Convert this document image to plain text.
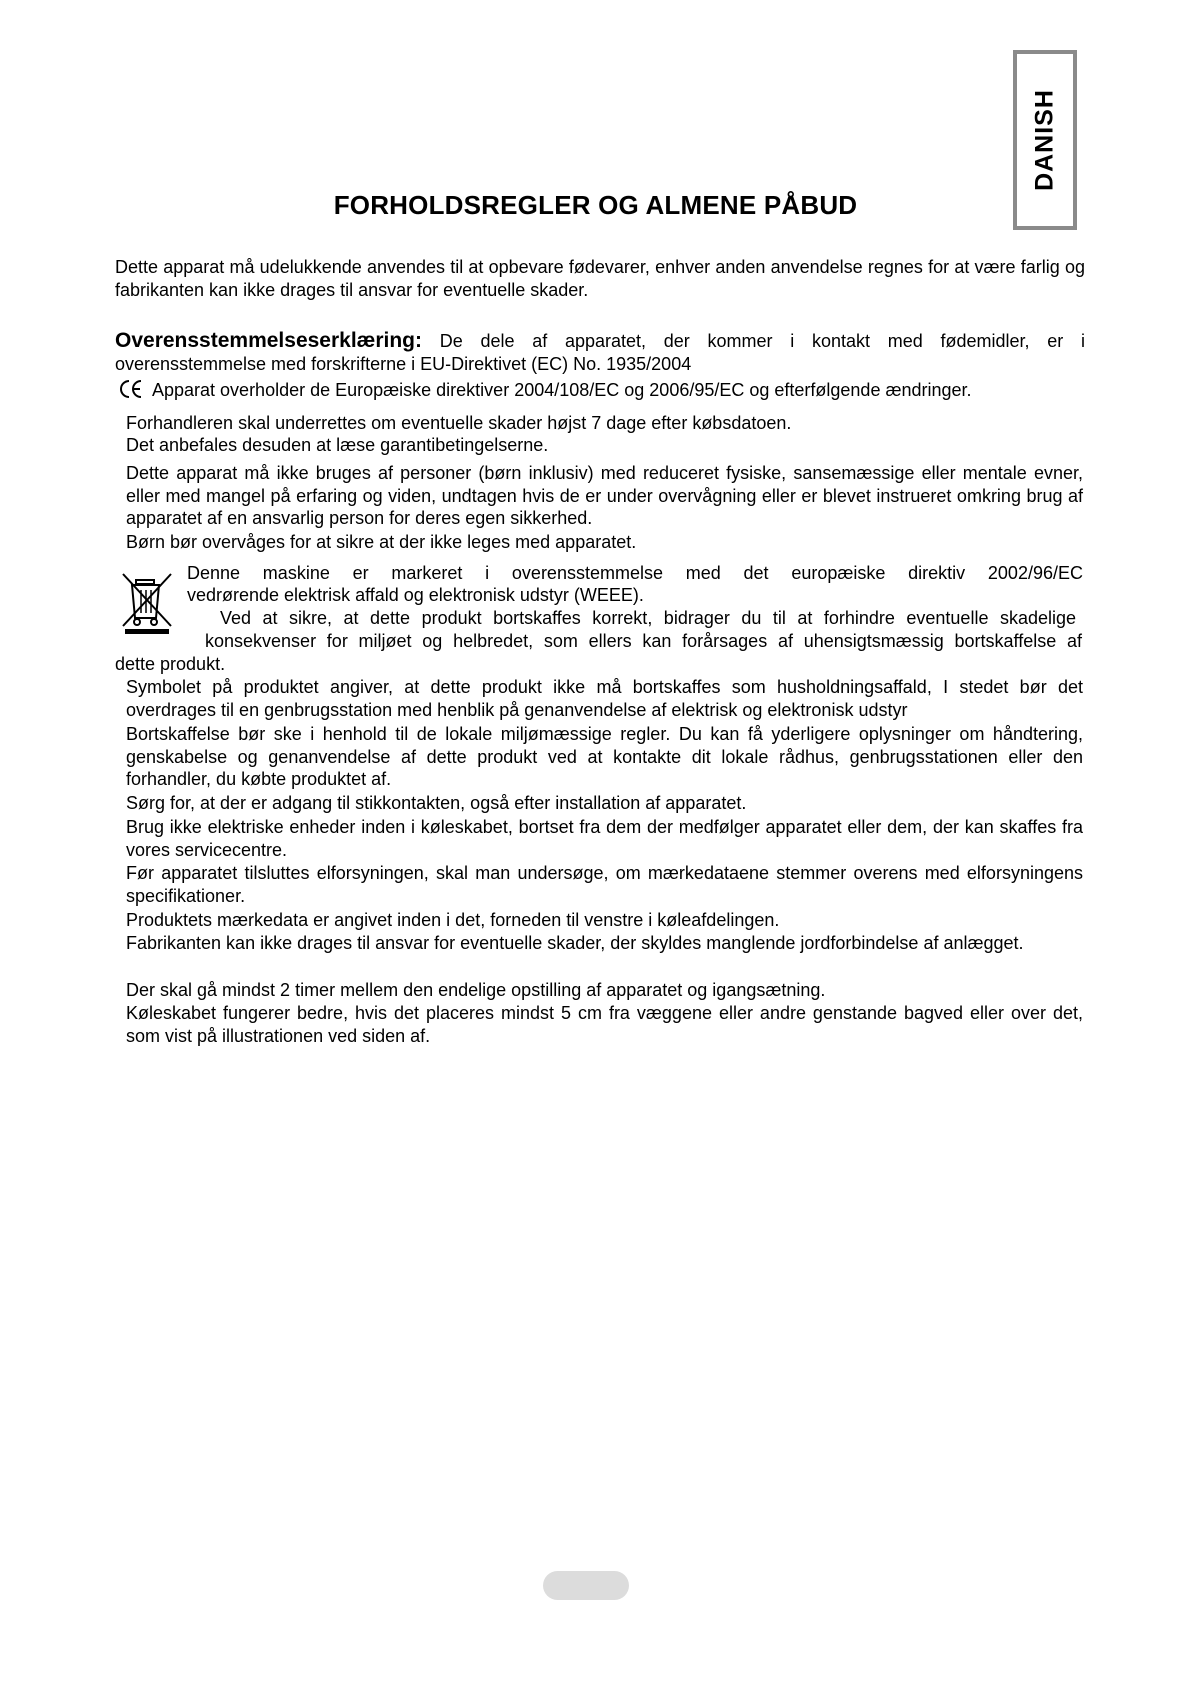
DANISH
FORHOLDSREGLER OG ALMENE PÅBUD

Dette apparat må udelukkende anvendes til at opbevare fødevarer, enhver anden anvendelse regnes for at være farlig og fabrikanten kan ikke drages til ansvar for eventuelle skader.

Overensstemmelseserklæring: De dele af apparatet, der kommer i kontakt med fødemidler, er i overensstemmelse med forskrifterne i EU-Direktivet (EC) No. 1935/2004

Apparat overholder de Europæiske direktiver 2004/108/EC og 2006/95/EC og efterfølgende ændringer.

Forhandleren skal underrettes om eventuelle skader højst 7 dage efter købsdatoen.

Det anbefales desuden at læse garantibetingelserne.

Dette apparat må ikke bruges af personer (børn inklusiv) med reduceret fysiske, sansemæssige eller mentale evner, eller med mangel på erfaring og viden, undtagen hvis de er under overvågning eller er blevet instrueret omkring brug af apparatet af en ansvarlig person for deres egen sikkerhed.

Børn bør overvåges for at sikre at der ikke leges med apparatet.

Denne maskine er markeret i overensstemmelse med det europæiske direktiv 2002/96/EC

vedrørende elektrisk affald og elektronisk udstyr (WEEE).

Ved at sikre, at dette produkt bortskaffes korrekt, bidrager du til at forhindre eventuelle skadelige

konsekvenser for miljøet og helbredet, som ellers kan forårsages af uhensigtsmæssig bortskaffelse af

dette produkt.

Symbolet på produktet angiver, at dette produkt ikke må bortskaffes som husholdningsaffald, I stedet bør det overdrages til en genbrugsstation med henblik på genanvendelse af elektrisk og elektronisk udstyr

Bortskaffelse bør ske i henhold til de lokale miljømæssige regler. Du kan få yderligere oplysninger om håndtering, genskabelse og genanvendelse af dette produkt ved at kontakte dit lokale rådhus, genbrugsstationen eller den forhandler, du købte produktet af.

Sørg for, at der er adgang til stikkontakten, også efter installation af apparatet.

Brug ikke elektriske enheder inden i køleskabet, bortset fra dem der medfølger apparatet eller dem, der kan skaffes fra vores servicecentre.

Før apparatet tilsluttes elforsyningen, skal man undersøge, om mærkedataene stemmer overens med elforsyningens specifikationer.

Produktets mærkedata er angivet inden i det, forneden til venstre i køleafdelingen.

Fabrikanten kan ikke drages til ansvar for eventuelle skader, der skyldes manglende jordforbindelse af anlægget.

Der skal gå mindst 2 timer mellem den endelige opstilling af apparatet og igangsætning.

Køleskabet fungerer bedre, hvis det placeres mindst 5 cm fra væggene eller andre genstande bagved eller over det, som vist på illustrationen ved siden af.
